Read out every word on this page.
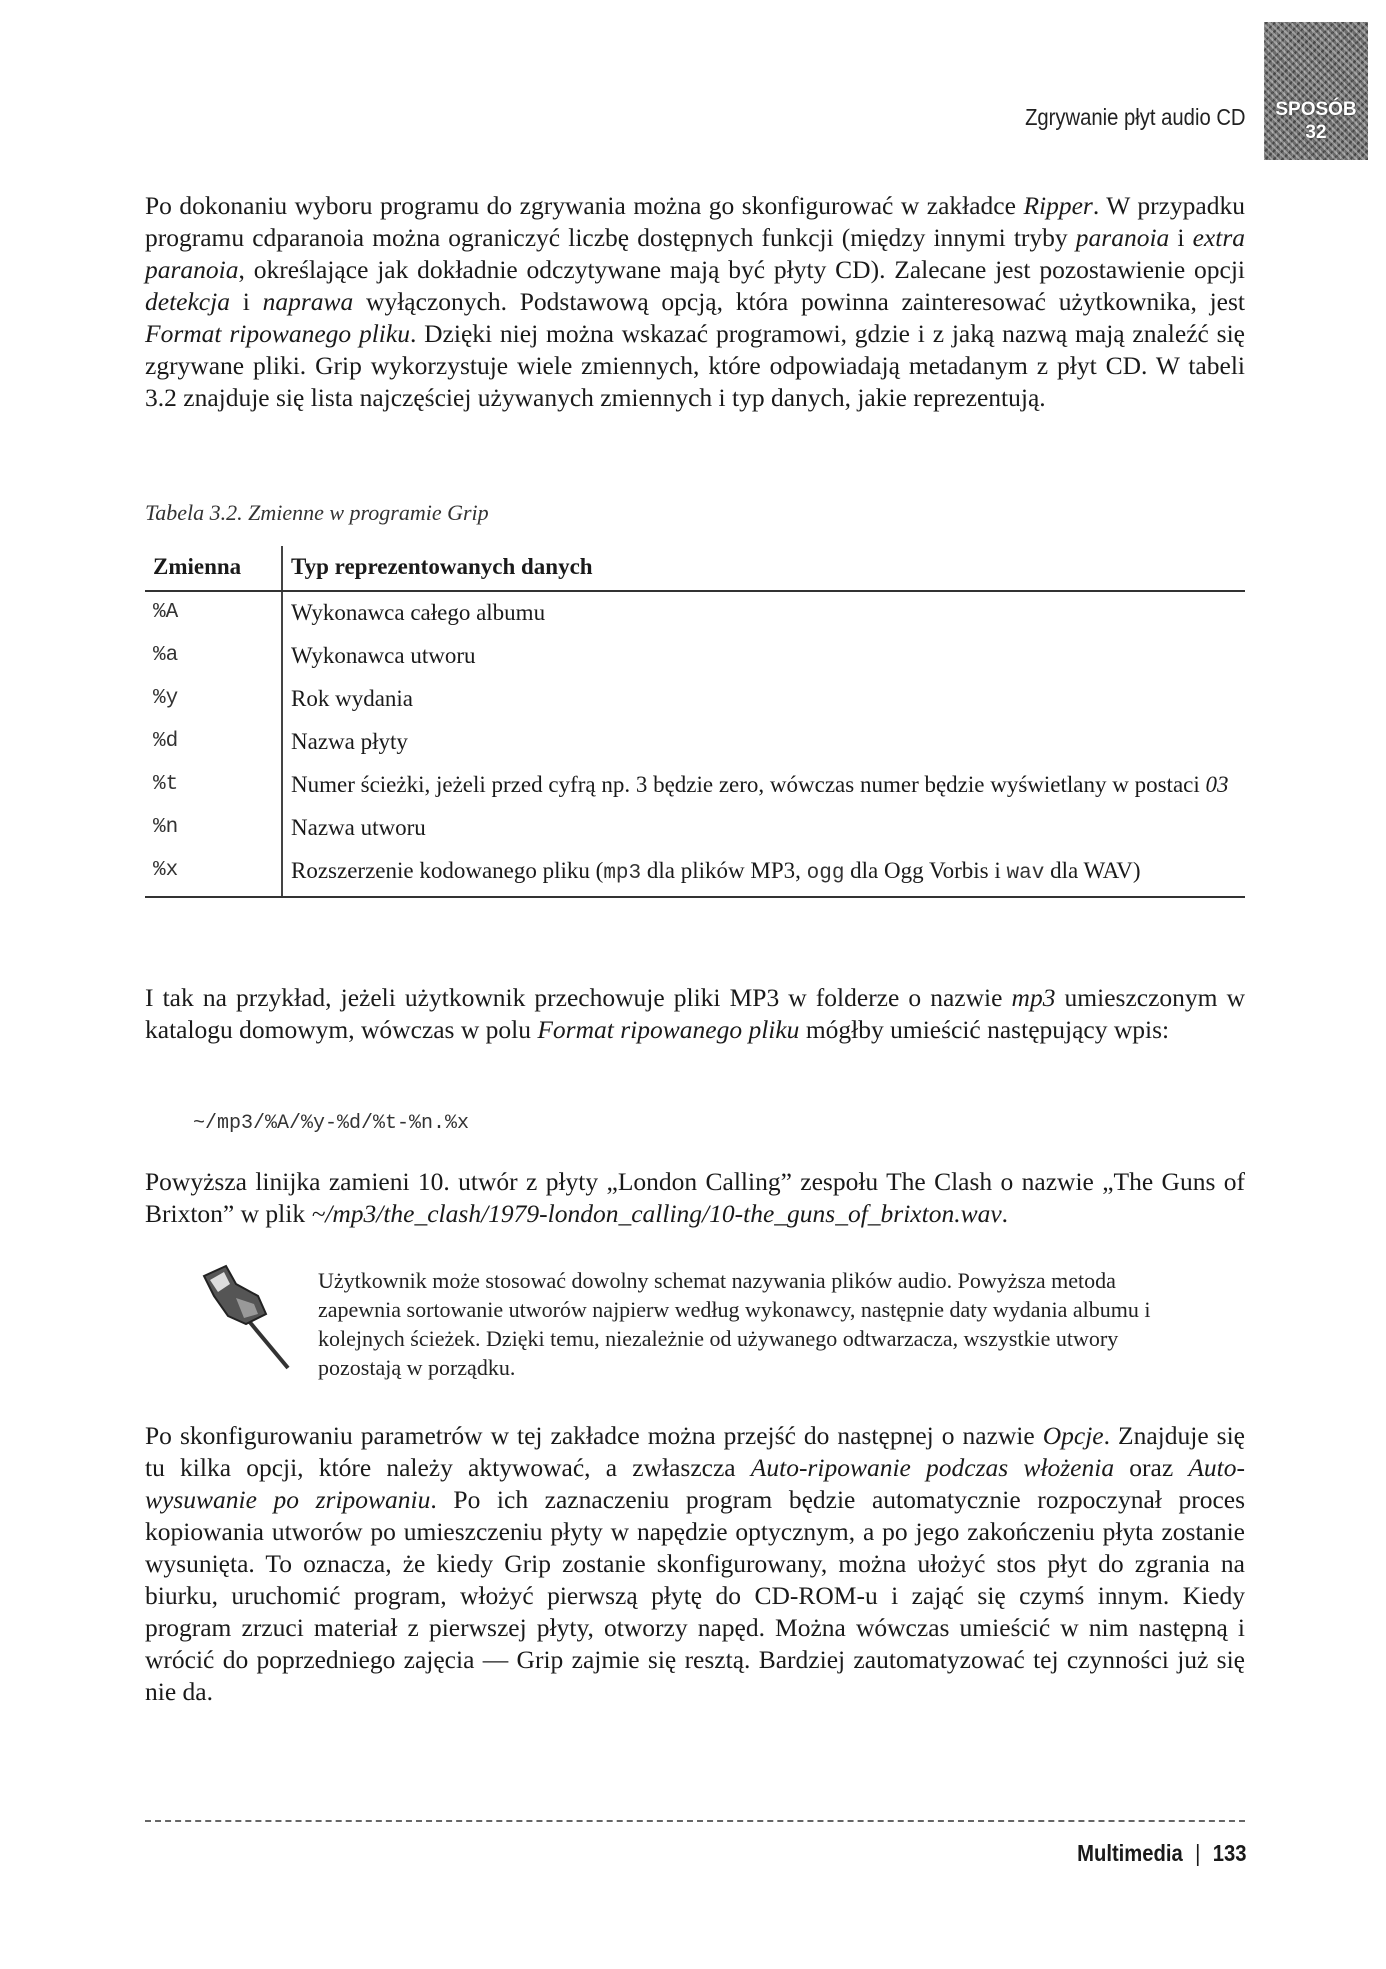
Zgrywanie płyt audio CD	SPOSÓB
32

Po dokonaniu wyboru programu do zgrywania można go skonfigurować w zakładce Ripper. W przypadku programu cdparanoia można ograniczyć liczbę dostępnych funkcji (między innymi tryby paranoia i extra paranoia, określające jak dokładnie odczytywane mają być płyty CD). Zalecane jest pozostawienie opcji detekcja i naprawa wyłączonych. Podstawową opcją, która powinna zainteresować użytkownika, jest Format ripowanego pliku. Dzięki niej można wskazać programowi, gdzie i z jaką nazwą mają znaleźć się zgrywane pliki. Grip wykorzystuje wiele zmiennych, które odpowiadają metadanym z płyt CD. W tabeli 3.2 znajduje się lista najczęściej używanych zmiennych i typ danych, jakie reprezentują.

Tabela 3.2. Zmienne w programie Grip
Zmienna	Typ reprezentowanych danych
%A	Wykonawca całego albumu
%a	Wykonawca utworu
%y	Rok wydania
%d	Nazwa płyty
%t	Numer ścieżki, jeżeli przed cyfrą np. 3 będzie zero, wówczas numer będzie wyświetlany w postaci 03
%n	Nazwa utworu
%x	Rozszerzenie kodowanego pliku (mp3 dla plików MP3, ogg dla Ogg Vorbis i wav dla WAV)

I tak na przykład, jeżeli użytkownik przechowuje pliki MP3 w folderze o nazwie mp3 umieszczonym w katalogu domowym, wówczas w polu Format ripowanego pliku mógłby umieścić następujący wpis:

~/mp3/%A/%y-%d/%t-%n.%x

Powyższa linijka zamieni 10. utwór z płyty „London Calling” zespołu The Clash o nazwie „The Guns of Brixton” w plik ~/mp3/the_clash/1979-london_calling/10-the_guns_of_brixton.wav.

Użytkownik może stosować dowolny schemat nazywania plików audio. Powyższa metoda zapewnia sortowanie utworów najpierw według wykonawcy, następnie daty wydania albumu i kolejnych ścieżek. Dzięki temu, niezależnie od używanego odtwarzacza, wszystkie utwory pozostają w porządku.

Po skonfigurowaniu parametrów w tej zakładce można przejść do następnej o nazwie Opcje. Znajduje się tu kilka opcji, które należy aktywować, a zwłaszcza Auto-ripowanie podczas włożenia oraz Auto-wysuwanie po zripowaniu. Po ich zaznaczeniu program będzie automatycznie rozpoczynał proces kopiowania utworów po umieszczeniu płyty w napędzie optycznym, a po jego zakończeniu płyta zostanie wysunięta. To oznacza, że kiedy Grip zostanie skonfigurowany, można ułożyć stos płyt do zgrania na biurku, uruchomić program, włożyć pierwszą płytę do CD-ROM-u i zająć się czymś innym. Kiedy program zrzuci materiał z pierwszej płyty, otworzy napęd. Można wówczas umieścić w nim następną i wrócić do poprzedniego zajęcia — Grip zajmie się resztą. Bardziej zautomatyzować tej czynności już się nie da.

Multimedia | 133
